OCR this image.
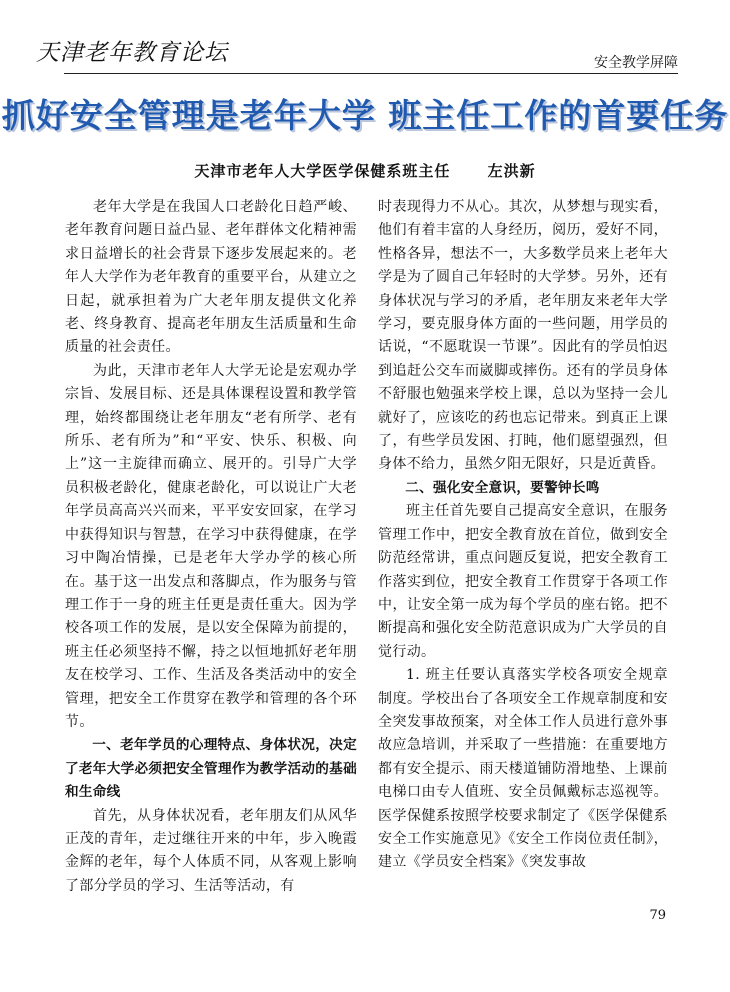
天津老年教育论坛	安全教学屏障
抓好安全管理是老年大学 班主任工作的首要任务
天津市老年人大学医学保健系班主任      左洪新

老年大学是在我国人口老龄化日趋严峻、老年教育问题日益凸显、老年群体文化精神需求日益增长的社会背景下逐步发展起来的。老年人大学作为老年教育的重要平台，从建立之日起，就承担着为广大老年朋友提供文化养老、终身教育、提高老年朋友生活质量和生命质量的社会责任。

为此，天津市老年人大学无论是宏观办学宗旨、发展目标、还是具体课程设置和教学管理，始终都围绕让老年朋友“老有所学、老有所乐、老有所为”和“平安、快乐、积极、向上”这一主旋律而确立、展开的。引导广大学员积极老龄化，健康老龄化，可以说让广大老年学员高高兴兴而来，平平安安回家，在学习中获得知识与智慧，在学习中获得健康，在学习中陶冶情操，已是老年大学办学的核心所在。基于这一出发点和落脚点，作为服务与管理工作于一身的班主任更是责任重大。因为学校各项工作的发展，是以安全保障为前提的，班主任必须坚持不懈，持之以恒地抓好老年朋友在校学习、工作、生活及各类活动中的安全管理，把安全工作贯穿在教学和管理的各个环节。

一、老年学员的心理特点、身体状况，决定了老年大学必须把安全管理作为教学活动的基础和生命线

首先，从身体状况看，老年朋友们从风华正茂的青年，走过继往开来的中年，步入晚霞金辉的老年，每个人体质不同，从客观上影响了部分学员的学习、生活等活动，有

时表现得力不从心。其次，从梦想与现实看，他们有着丰富的人身经历，阅历，爱好不同，性格各异，想法不一，大多数学员来上老年大学是为了圆自己年轻时的大学梦。另外，还有身体状况与学习的矛盾，老年朋友来老年大学学习，要克服身体方面的一些问题，用学员的话说，“不愿耽误一节课”。因此有的学员怕迟到追赶公交车而崴脚或摔伤。还有的学员身体不舒服也勉强来学校上课，总以为坚持一会儿就好了，应该吃的药也忘记带来。到真正上课了，有些学员发困、打盹，他们愿望强烈，但身体不给力，虽然夕阳无限好，只是近黄昏。

二、强化安全意识，要警钟长鸣

班主任首先要自己提高安全意识，在服务管理工作中，把安全教育放在首位，做到安全防范经常讲，重点问题反复说，把安全教育工作落实到位，把安全教育工作贯穿于各项工作中，让安全第一成为每个学员的座右铭。把不断提高和强化安全防范意识成为广大学员的自觉行动。

1. 班主任要认真落实学校各项安全规章制度。学校出台了各项安全工作规章制度和安全突发事故预案，对全体工作人员进行意外事故应急培训，并采取了一些措施：在重要地方都有安全提示、雨天楼道铺防滑地垫、上课前电梯口由专人值班、安全员佩戴标志巡视等。医学保健系按照学校要求制定了《医学保健系安全工作实施意见》《安全工作岗位责任制》，建立《学员安全档案》《突发事故

79
